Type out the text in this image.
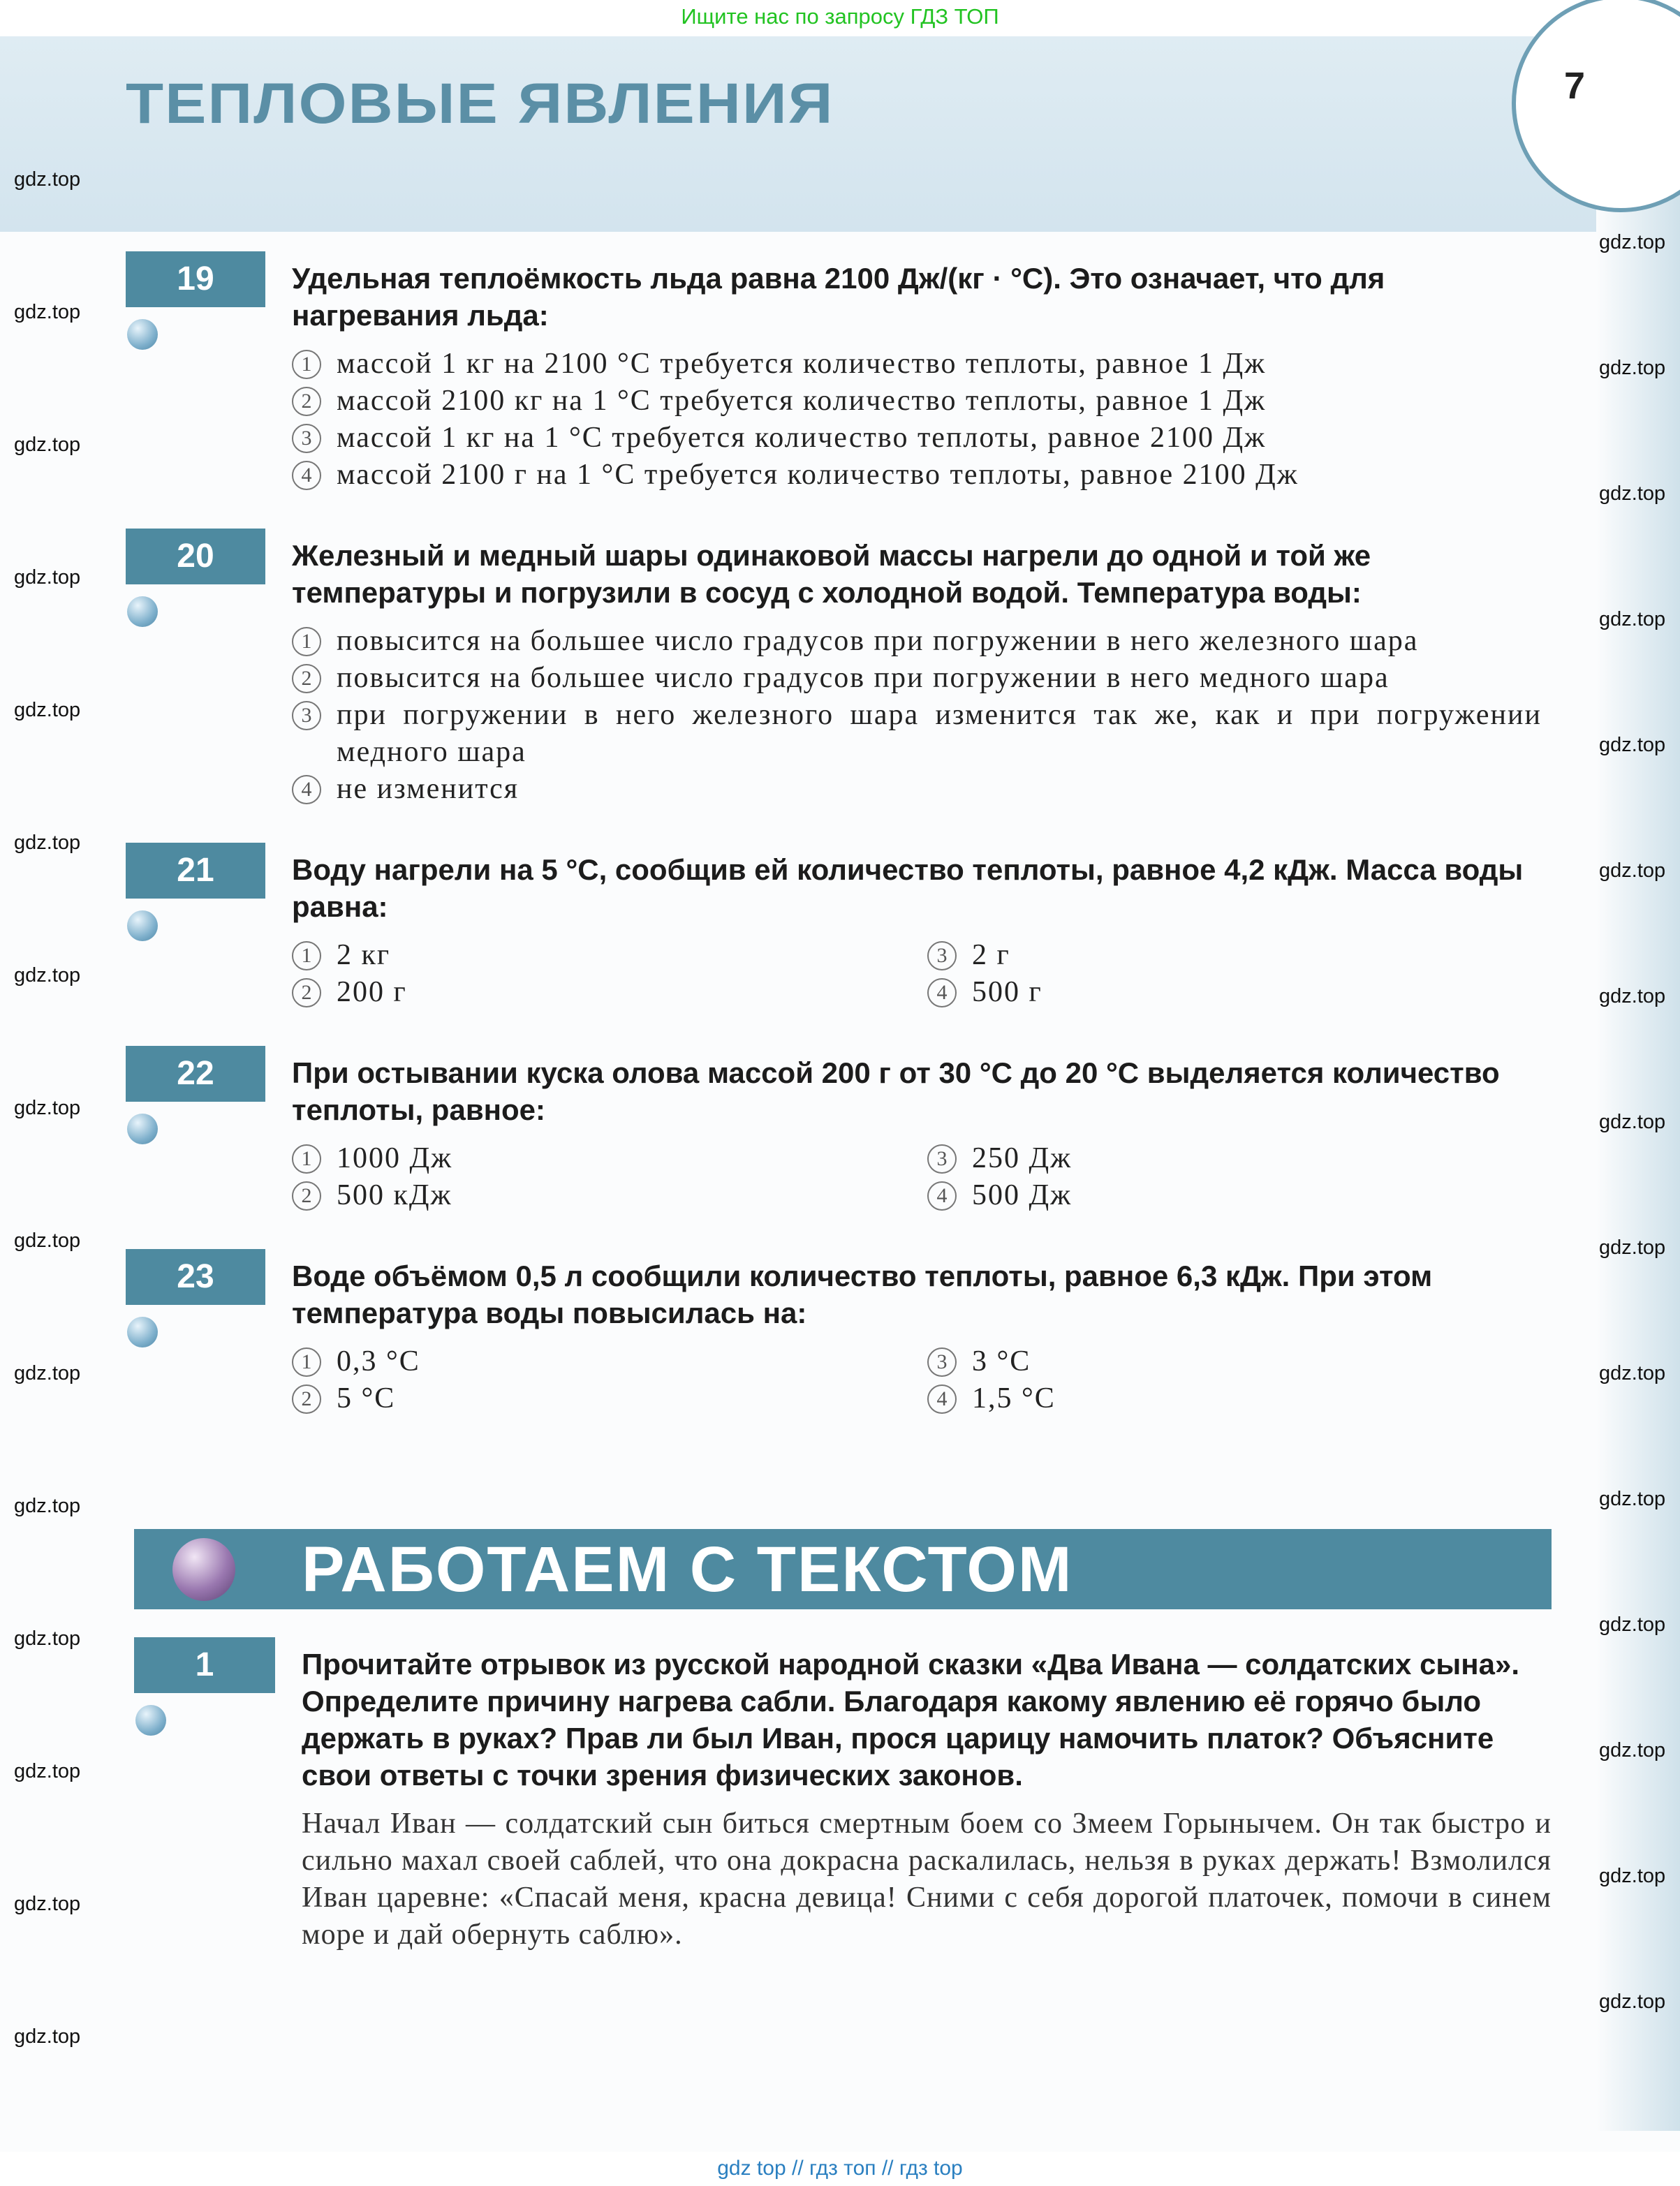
Ищите нас по запросу ГДЗ ТОП
7
ТЕПЛОВЫЕ ЯВЛЕНИЯ
19	Удельная теплоёмкость льда равна 2100 Дж/(кг · °С). Это означает, что для нагревания льда:
1 массой 1 кг на 2100 °С требуется количество теплоты, равное 1 Дж
2 массой 2100 кг на 1 °С требуется количество теплоты, равное 1 Дж
3 массой 1 кг на 1 °С требуется количество теплоты, равное 2100 Дж
4 массой 2100 г на 1 °С требуется количество теплоты, равное 2100 Дж
20	Железный и медный шары одинаковой массы нагрели до одной и той же температуры и погрузили в сосуд с холодной водой. Температура воды:
1 повысится на большее число градусов при погружении в него железного шара
2 повысится на большее число градусов при погружении в него медного шара
3 при погружении в него железного шара изменится так же, как и при погружении медного шара
4 не изменится
21	Воду нагрели на 5 °С, сообщив ей количество теплоты, равное 4,2 кДж. Масса воды равна:
1 2 кг	3 2 г
2 200 г	4 500 г
22	При остывании куска олова массой 200 г от 30 °С до 20 °С выделяется количество теплоты, равное:
1 1000 Дж	3 250 Дж
2 500 кДж	4 500 Дж
23	Воде объёмом 0,5 л сообщили количество теплоты, равное 6,3 кДж. При этом температура воды повысилась на:
1 0,3 °С	3 3 °С
2 5 °С	4 1,5 °С
РАБОТАЕМ С ТЕКСТОМ
1	Прочитайте отрывок из русской народной сказки «Два Ивана — солдатских сына». Определите причину нагрева сабли. Благодаря какому явлению её горячо было держать в руках? Прав ли был Иван, прося царицу намочить платок? Объясните свои ответы с точки зрения физических законов.
Начал Иван — солдатский сын биться смертным боем со Змеем Горынычем. Он так быстро и сильно махал своей саблей, что она докрасна раскалилась, нельзя в руках держать! Взмолился Иван царевне: «Спасай меня, красна девица! Сними с себя дорогой платочек, помочи в синем море и дай обернуть саблю».
gdz.top
gdz.top
gdz.top
gdz.top
gdz.top
gdz.top
gdz.top
gdz.top
gdz.top
gdz.top
gdz.top
gdz.top
gdz.top
gdz.top
gdz.top
gdz.top
gdz.top	gdz.top
gdz.top	gdz.top
gdz.top	gdz.top
gdz.top
gdz.top
gdz.top
gdz.top
gdz.top
gdz.top
gdz.top
gdz.top
gdz top // гдз топ // гдз top
